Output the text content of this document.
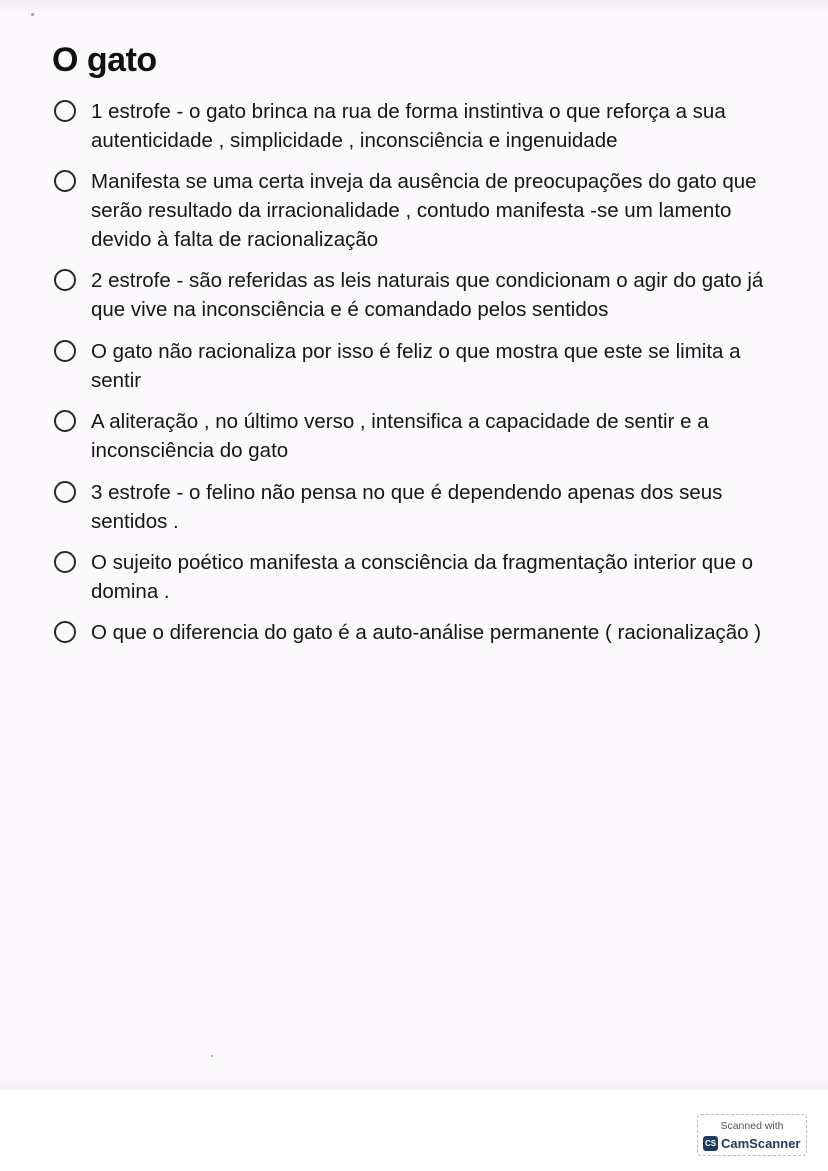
O gato
1 estrofe - o gato brinca na rua de forma instintiva o que reforça a sua autenticidade , simplicidade , inconsciência e ingenuidade
Manifesta se uma certa inveja da ausência de preocupações do gato que serão resultado da irracionalidade , contudo manifesta -se um lamento devido à falta de racionalização
2 estrofe - são referidas as leis naturais que condicionam o agir do gato já que vive na inconsciência e é comandado pelos sentidos
O gato não racionaliza por isso é feliz o que mostra que este se limita a sentir
A aliteração , no último verso , intensifica a capacidade de sentir e a inconsciência do gato
3 estrofe - o felino não pensa no que é dependendo apenas dos seus sentidos .
O sujeito poético manifesta a consciência da fragmentação interior que o domina .
O que o diferencia do gato é a auto-análise permanente ( racionalização )
Scanned with
CS CamScanner
